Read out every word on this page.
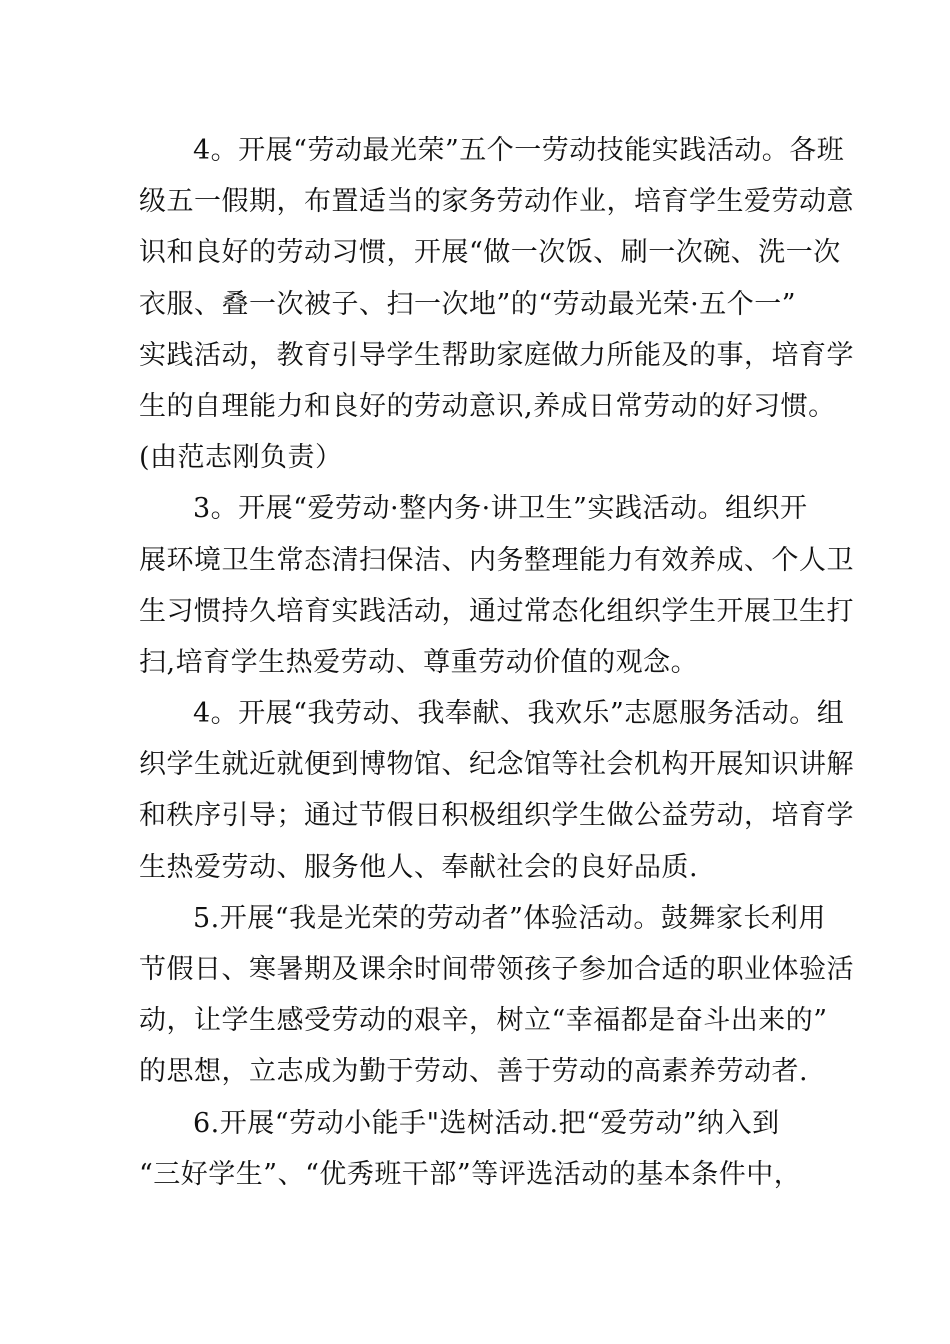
4。开展“劳动最光荣”五个一劳动技能实践活动。各班
级五一假期，布置适当的家务劳动作业，培育学生爱劳动意
识和良好的劳动习惯，开展“做一次饭、刷一次碗、洗一次
衣服、叠一次被子、扫一次地”的“劳动最光荣·五个一”
实践活动，教育引导学生帮助家庭做力所能及的事，培育学
生的自理能力和良好的劳动意识,养成日常劳动的好习惯。
(由范志刚负责）
3。开展“爱劳动·整内务·讲卫生”实践活动。组织开
展环境卫生常态清扫保洁、内务整理能力有效养成、个人卫
生习惯持久培育实践活动，通过常态化组织学生开展卫生打
扫,培育学生热爱劳动、尊重劳动价值的观念。
4。开展“我劳动、我奉献、我欢乐”志愿服务活动。组
织学生就近就便到博物馆、纪念馆等社会机构开展知识讲解
和秩序引导；通过节假日积极组织学生做公益劳动，培育学
生热爱劳动、服务他人、奉献社会的良好品质.
5.开展“我是光荣的劳动者”体验活动。鼓舞家长利用
节假日、寒暑期及课余时间带领孩子参加合适的职业体验活
动，让学生感受劳动的艰辛，树立“幸福都是奋斗出来的”
的思想，立志成为勤于劳动、善于劳动的高素养劳动者.
6.开展“劳动小能手"选树活动.把“爱劳动”纳入到
“三好学生”、“优秀班干部”等评选活动的基本条件中，
